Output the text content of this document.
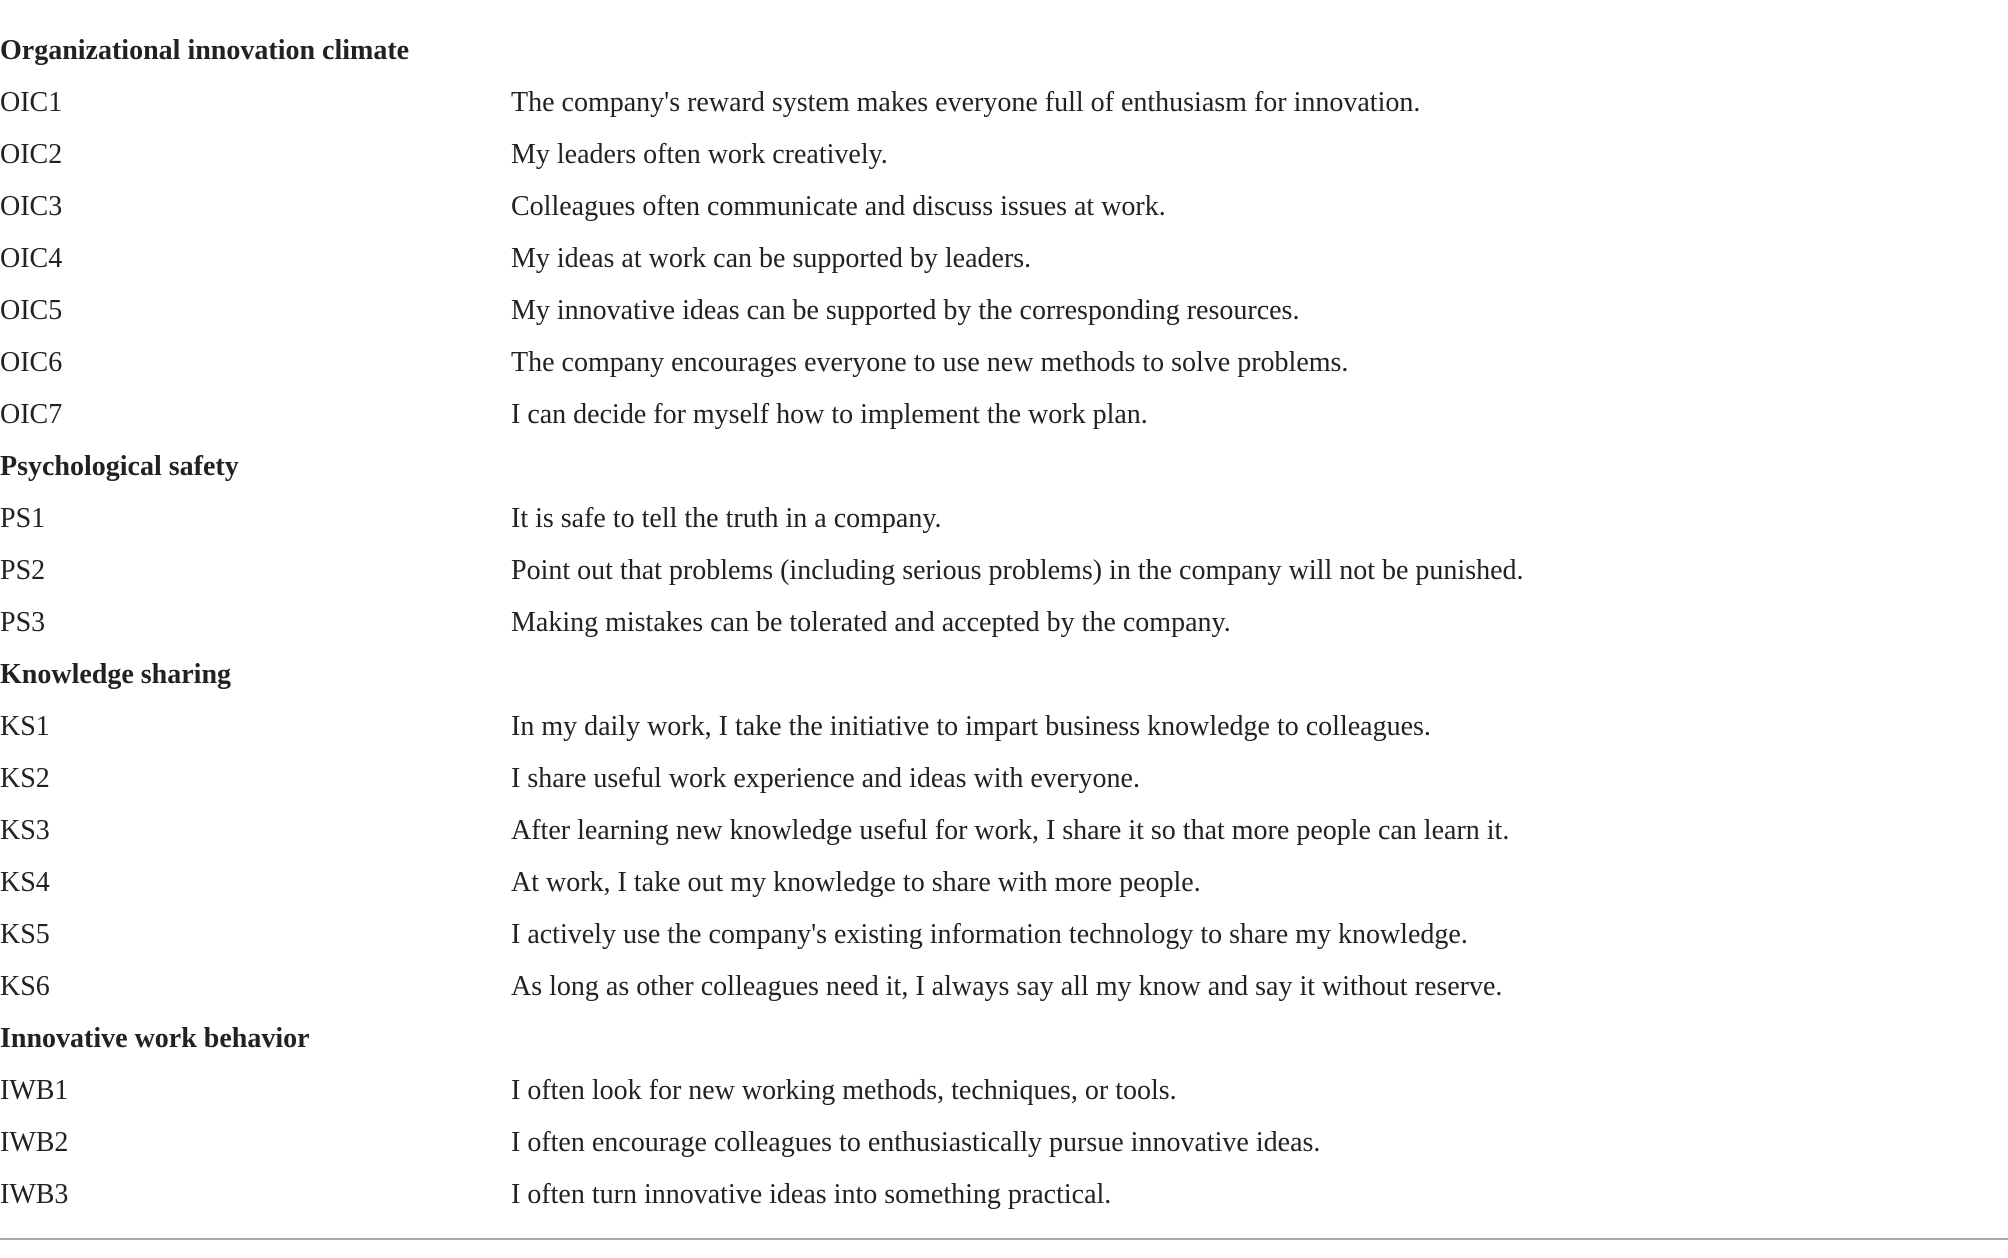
Organizational innovation climate
OIC1	The company's reward system makes everyone full of enthusiasm for innovation.
OIC2	My leaders often work creatively.
OIC3	Colleagues often communicate and discuss issues at work.
OIC4	My ideas at work can be supported by leaders.
OIC5	My innovative ideas can be supported by the corresponding resources.
OIC6	The company encourages everyone to use new methods to solve problems.
OIC7	I can decide for myself how to implement the work plan.
Psychological safety
PS1	It is safe to tell the truth in a company.
PS2	Point out that problems (including serious problems) in the company will not be punished.
PS3	Making mistakes can be tolerated and accepted by the company.
Knowledge sharing
KS1	In my daily work, I take the initiative to impart business knowledge to colleagues.
KS2	I share useful work experience and ideas with everyone.
KS3	After learning new knowledge useful for work, I share it so that more people can learn it.
KS4	At work, I take out my knowledge to share with more people.
KS5	I actively use the company's existing information technology to share my knowledge.
KS6	As long as other colleagues need it, I always say all my know and say it without reserve.
Innovative work behavior
IWB1	I often look for new working methods, techniques, or tools.
IWB2	I often encourage colleagues to enthusiastically pursue innovative ideas.
IWB3	I often turn innovative ideas into something practical.
